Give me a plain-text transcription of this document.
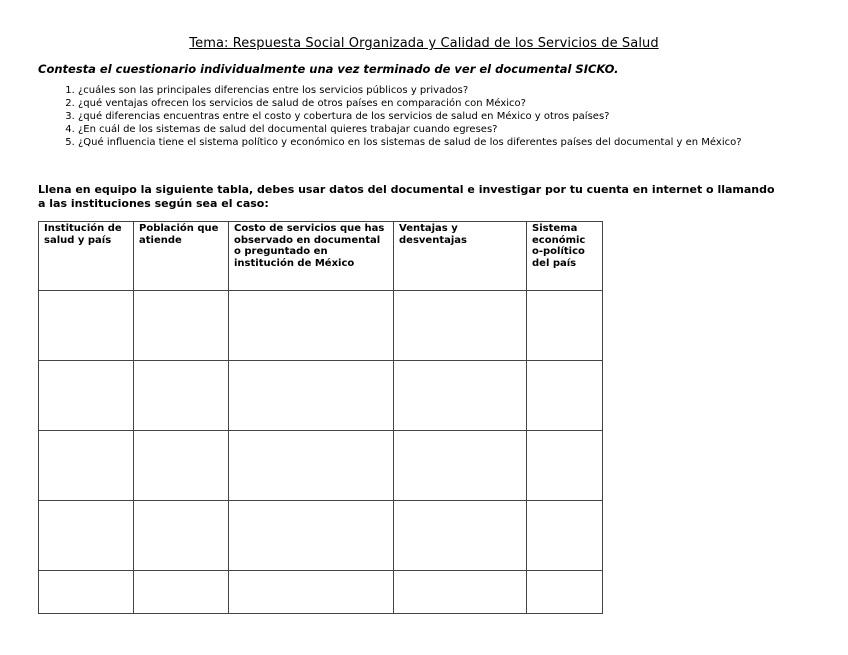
Tema: Respuesta Social Organizada y Calidad de los Servicios de Salud
Contesta el cuestionario individualmente una vez terminado de ver el documental SICKO.
1. ¿cuáles son las principales diferencias entre los servicios públicos y privados?
2. ¿qué ventajas ofrecen los servicios de salud de otros países en comparación con México?
3. ¿qué diferencias encuentras entre el costo y cobertura de los servicios de salud en México y otros países?
4. ¿En cuál de los sistemas de salud del documental quieres trabajar cuando egreses?
5. ¿Qué influencia tiene el sistema político y económico en los sistemas de salud de los diferentes países del documental y en México?
Llena en equipo la siguiente tabla, debes usar datos del documental e investigar por tu cuenta en internet o llamando a las instituciones según sea el caso:
Institución de salud y país	Población que atiende	Costo de servicios que has observado en documental o preguntado en institución de México	Ventajas y desventajas	Sistema económic o-político del país
